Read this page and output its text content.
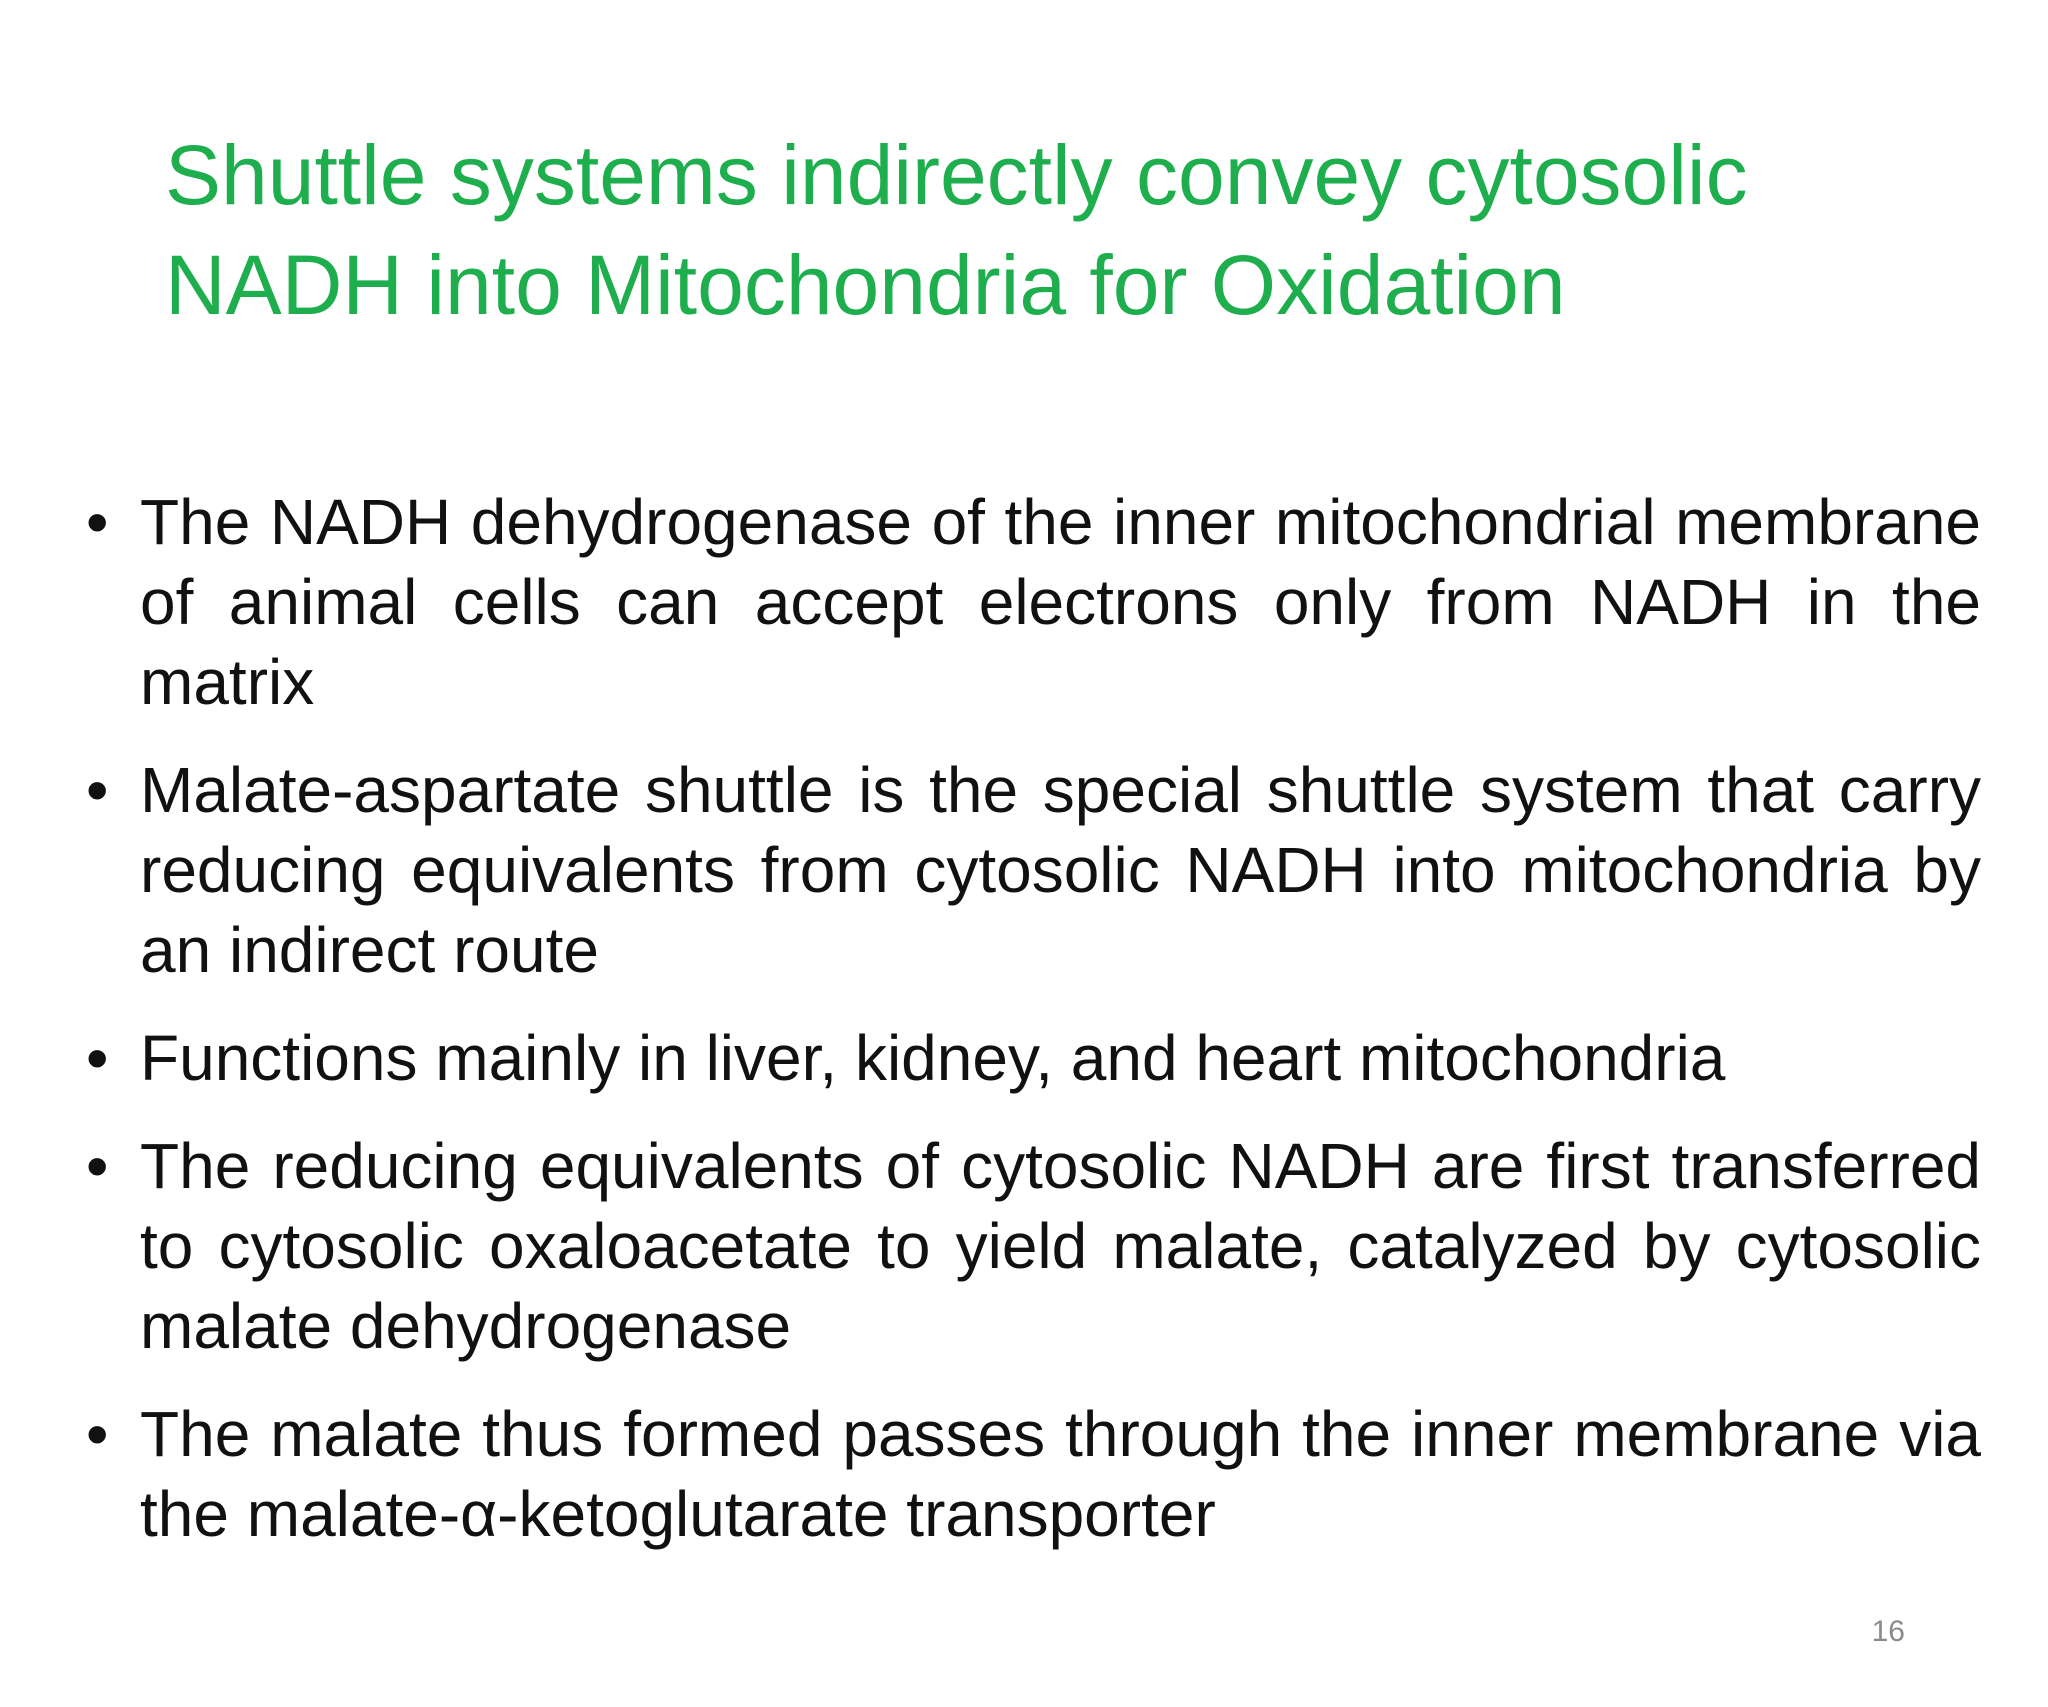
Shuttle systems indirectly convey cytosolic
NADH into Mitochondria for Oxidation
• The NADH dehydrogenase of the inner mitochondrial membrane of animal cells can accept electrons only from NADH in the matrix

• Malate-aspartate shuttle is the special shuttle system that carry reducing equivalents from cytosolic NADH into mitochondria by an indirect route

• Functions mainly in liver, kidney, and heart mitochondria

• The reducing equivalents of cytosolic NADH are first transferred to cytosolic oxaloacetate to yield malate, catalyzed by cytosolic malate dehydrogenase

• The malate thus formed passes through the inner membrane via the malate-α-ketoglutarate transporter

16
